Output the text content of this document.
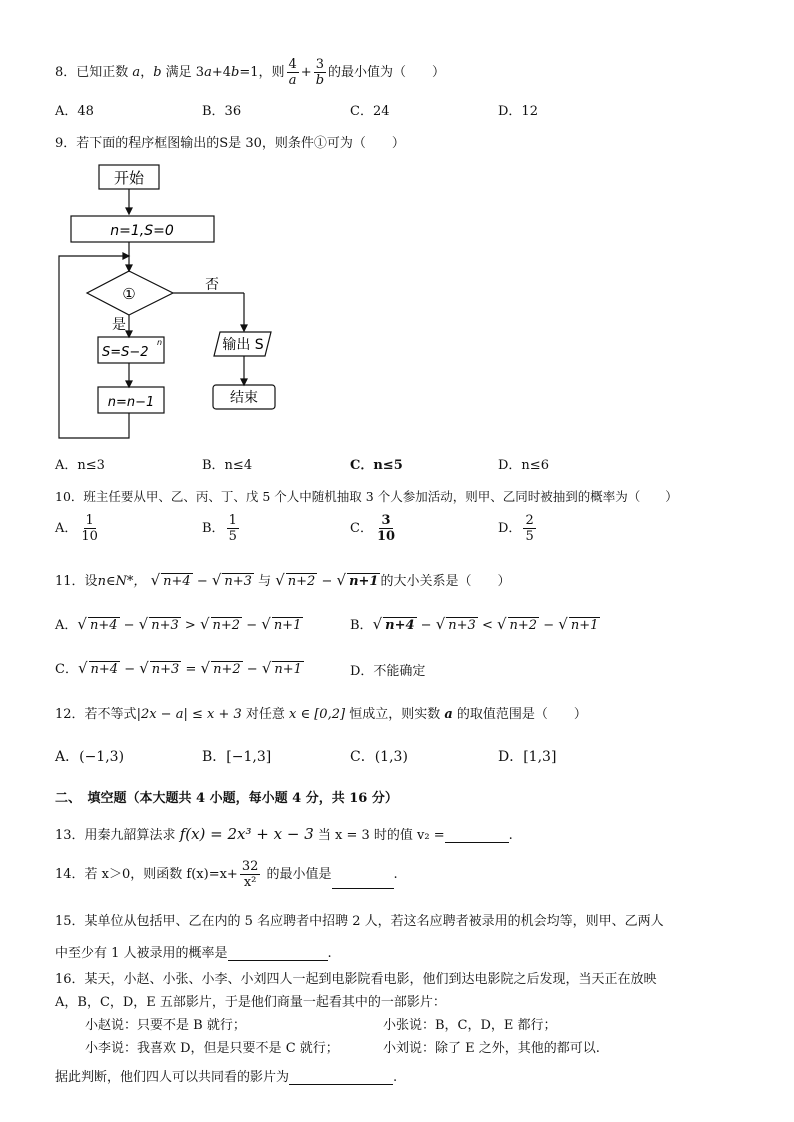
8．已知正数 a，b 满足 3a+4b=1，则 $\frac{4}{a} + \frac{3}{b}$ 的最小值为（　　）
A．48	B．36	C．24	D．12
9．若下面的程序框图输出的S是 30，则条件①可为（　　）
开始
n=1,S=0
①	否
是
S=S−2
n
n=n−1
输出 S
结束
A．n≤3	B．n≤4	C．n≤5	D．n≤6
10．班主任要从甲、乙、丙、丁、戊 5 个人中随机抽取 3 个人参加活动，则甲、乙同时被抽到的概率为（　　）
A． $\frac{1}{10}$	B． $\frac{1}{5}$	C． $\frac{3}{10}$	D． $\frac{2}{5}$
11．设n∈N*， √ n+4 − √ n+3 与 √ n+2 − √ n+1 的大小关系是（　　）
A． √ n+4 − √ n+3 > √ n+2 − √ n+1	B． √ n+4 − √ n+3 < √ n+2 − √ n+1
C． √ n+4 − √ n+3 = √ n+2 − √ n+1	D．不能确定
12．若不等式|2x − a| ≤ x + 3 对任意 x ∈ [0,2] 恒成立，则实数 a 的取值范围是（　　）
A．(−1,3)	B．[−1,3]	C．(1,3)	D．[1,3]
二、　填空题（本大题共 4 小题，每小题 4 分，共 16 分）
13．用秦九韶算法求 f(x) = 2x³ + x − 3 当 x = 3 时的值 v₂ =	.
14．若 x＞0，则函数 $f(x)=x+ \frac{32}{\text{x²}}$ 的最小值是	.
15．某单位从包括甲、乙在内的 5 名应聘者中招聘 2 人，若这名应聘者被录用的机会均等，则甲、乙两人
中至少有 1 人被录用的概率是	.
16．某天，小赵、小张、小李、小刘四人一起到电影院看电影，他们到达电影院之后发现，当天正在放映
A，B，C，D，E 五部影片，于是他们商量一起看其中的一部影片：
小赵说：只要不是 B 就行；	小张说：B，C，D，E 都行；
小李说：我喜欢 D，但是只要不是 C 就行；	小刘说：除了 E 之外，其他的都可以.
据此判断，他们四人可以共同看的影片为	.
